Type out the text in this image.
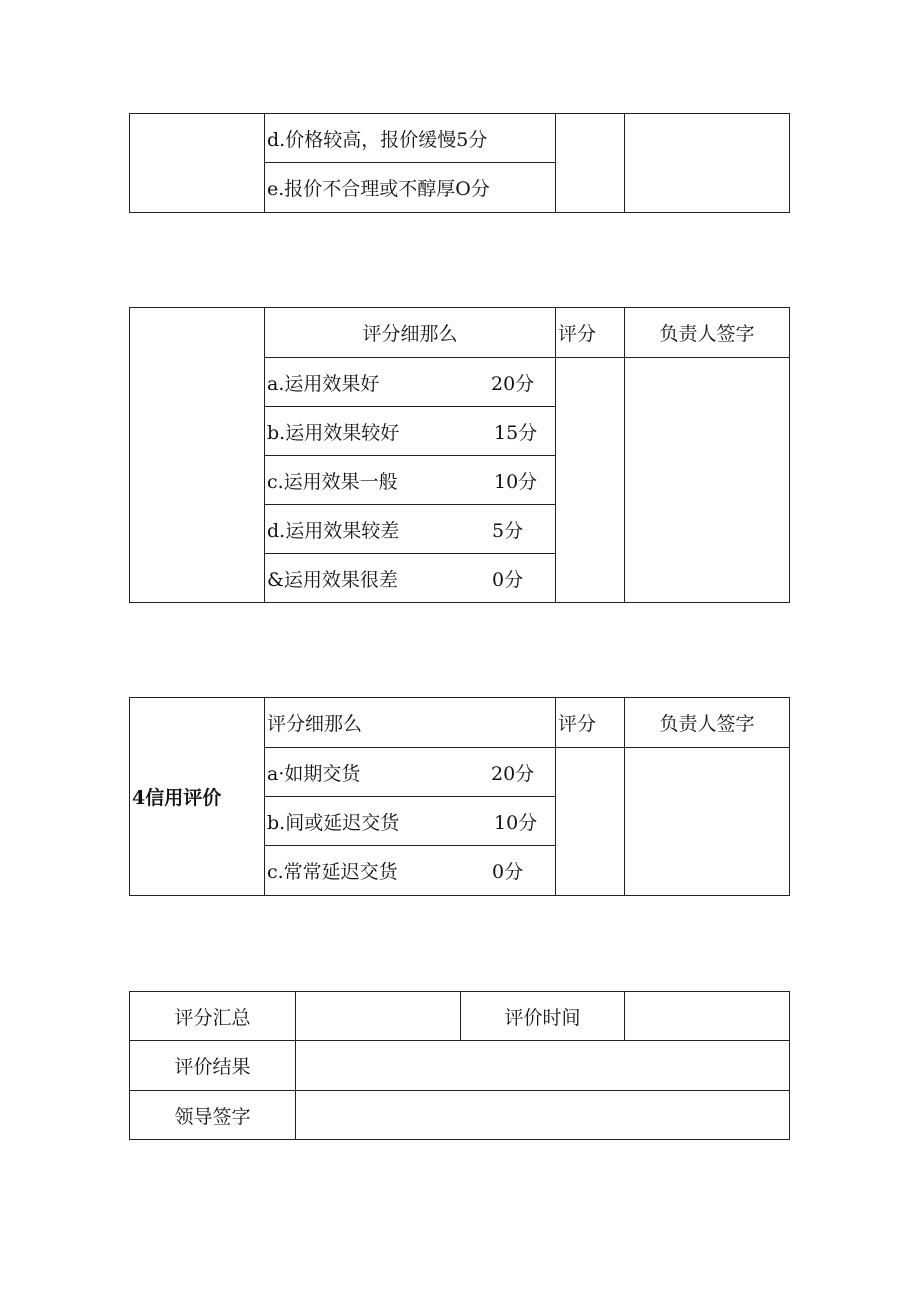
d.价格较高，报价缓慢5分
e.报价不合理或不醇厚O分
评分细那么	评分	负责人签字
a.运用效果好	20分
b.运用效果较好	15分
c.运用效果一般	10分
d.运用效果较差	5分
&运用效果很差	0分
4信用评价
评分细那么	评分	负责人签字
a·如期交货	20分
b.间或延迟交货	10分
c.常常延迟交货	0分
评分汇总	评价时间
评价结果
领导签字
